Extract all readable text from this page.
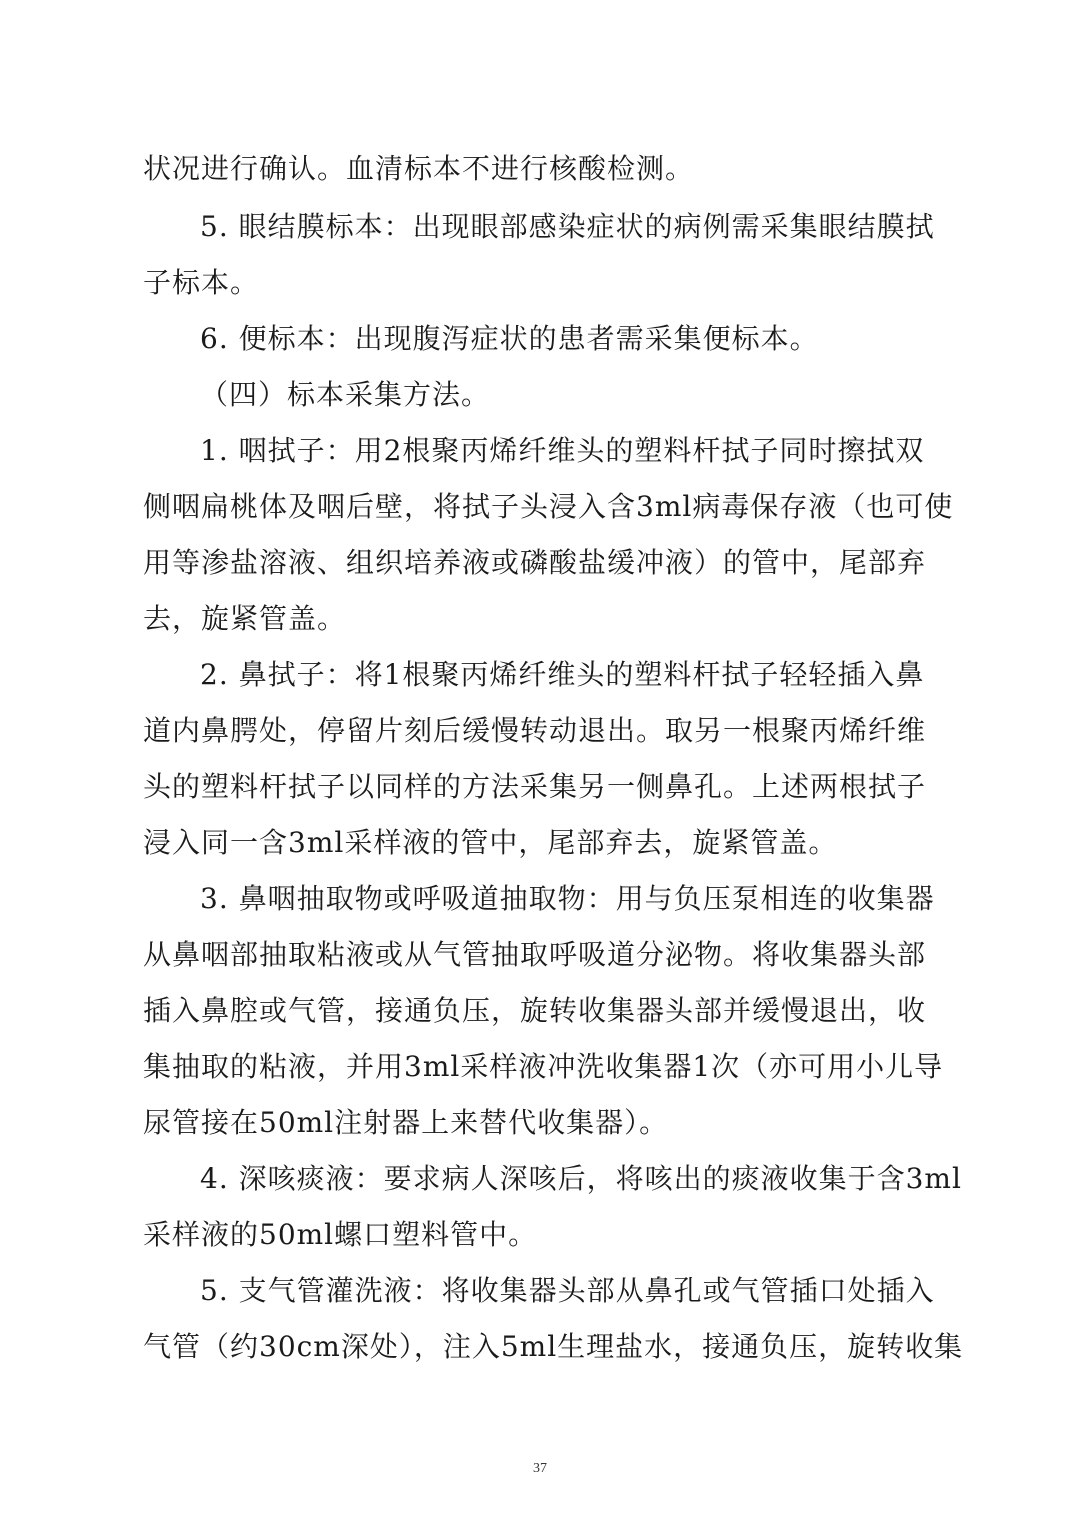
状况进行确认。血清标本不进行核酸检测。
5. 眼结膜标本：出现眼部感染症状的病例需采集眼结膜拭
子标本。
6. 便标本：出现腹泻症状的患者需采集便标本。
（四）标本采集方法。
1. 咽拭子：用2根聚丙烯纤维头的塑料杆拭子同时擦拭双
侧咽扁桃体及咽后壁，将拭子头浸入含3ml病毒保存液（也可使
用等渗盐溶液、组织培养液或磷酸盐缓冲液）的管中，尾部弃
去，旋紧管盖。
2. 鼻拭子：将1根聚丙烯纤维头的塑料杆拭子轻轻插入鼻
道内鼻腭处，停留片刻后缓慢转动退出。取另一根聚丙烯纤维
头的塑料杆拭子以同样的方法采集另一侧鼻孔。上述两根拭子
浸入同一含3ml采样液的管中，尾部弃去，旋紧管盖。
3. 鼻咽抽取物或呼吸道抽取物：用与负压泵相连的收集器
从鼻咽部抽取粘液或从气管抽取呼吸道分泌物。将收集器头部
插入鼻腔或气管，接通负压，旋转收集器头部并缓慢退出，收
集抽取的粘液，并用3ml采样液冲洗收集器1次（亦可用小儿导
尿管接在50ml注射器上来替代收集器）。
4. 深咳痰液：要求病人深咳后，将咳出的痰液收集于含3ml
采样液的50ml螺口塑料管中。
5. 支气管灌洗液：将收集器头部从鼻孔或气管插口处插入
气管（约30cm深处），注入5ml生理盐水，接通负压，旋转收集
37
